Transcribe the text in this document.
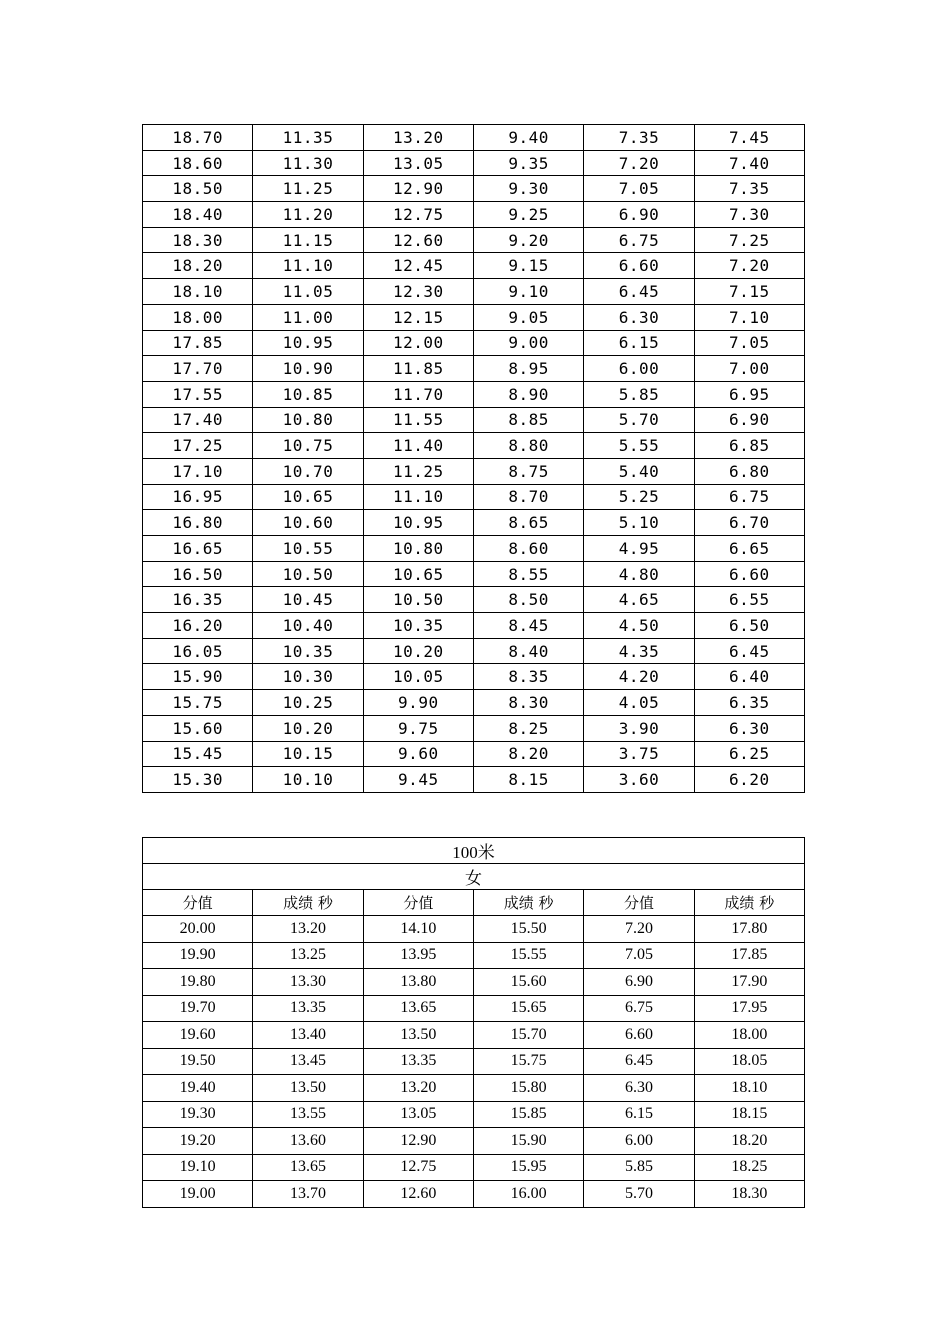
18.70	11.35	13.20	9.40	7.35	7.45
18.60	11.30	13.05	9.35	7.20	7.40
18.50	11.25	12.90	9.30	7.05	7.35
18.40	11.20	12.75	9.25	6.90	7.30
18.30	11.15	12.60	9.20	6.75	7.25
18.20	11.10	12.45	9.15	6.60	7.20
18.10	11.05	12.30	9.10	6.45	7.15
18.00	11.00	12.15	9.05	6.30	7.10
17.85	10.95	12.00	9.00	6.15	7.05
17.70	10.90	11.85	8.95	6.00	7.00
17.55	10.85	11.70	8.90	5.85	6.95
17.40	10.80	11.55	8.85	5.70	6.90
17.25	10.75	11.40	8.80	5.55	6.85
17.10	10.70	11.25	8.75	5.40	6.80
16.95	10.65	11.10	8.70	5.25	6.75
16.80	10.60	10.95	8.65	5.10	6.70
16.65	10.55	10.80	8.60	4.95	6.65
16.50	10.50	10.65	8.55	4.80	6.60
16.35	10.45	10.50	8.50	4.65	6.55
16.20	10.40	10.35	8.45	4.50	6.50
16.05	10.35	10.20	8.40	4.35	6.45
15.90	10.30	10.05	8.35	4.20	6.40
15.75	10.25	9.90	8.30	4.05	6.35
15.60	10.20	9.75	8.25	3.90	6.30
15.45	10.15	9.60	8.20	3.75	6.25
15.30	10.10	9.45	8.15	3.60	6.20
100米					
女					
分值	成绩 秒	分值	成绩 秒	分值	成绩 秒
20.00	13.20	14.10	15.50	7.20	17.80
19.90	13.25	13.95	15.55	7.05	17.85
19.80	13.30	13.80	15.60	6.90	17.90
19.70	13.35	13.65	15.65	6.75	17.95
19.60	13.40	13.50	15.70	6.60	18.00
19.50	13.45	13.35	15.75	6.45	18.05
19.40	13.50	13.20	15.80	6.30	18.10
19.30	13.55	13.05	15.85	6.15	18.15
19.20	13.60	12.90	15.90	6.00	18.20
19.10	13.65	12.75	15.95	5.85	18.25
19.00	13.70	12.60	16.00	5.70	18.30
